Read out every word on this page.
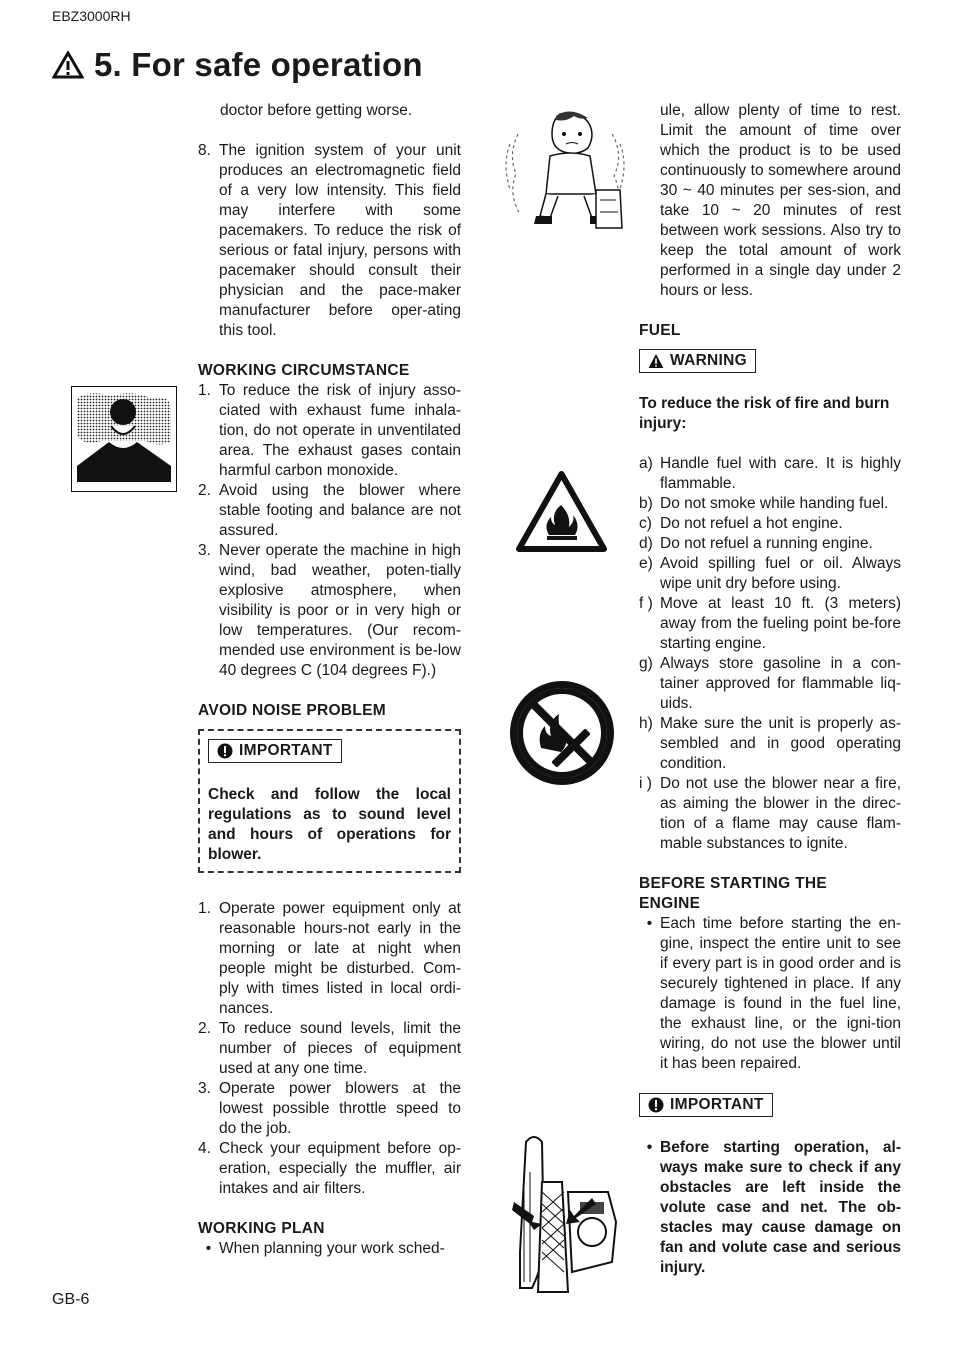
EBZ3000RH
5. For safe operation
doctor before getting worse.
8. The ignition system of your unit produces an electromagnetic field of a very low intensity. This field may interfere with some pacemakers. To reduce the risk of serious or fatal injury, persons with pacemaker should consult their physician and the pace-maker manufacturer before oper-ating this tool.
WORKING CIRCUMSTANCE
1. To reduce the risk of injury asso-ciated with exhaust fume inhala-tion, do not operate in unventilated area. The exhaust gases contain harmful carbon monoxide.
2. Avoid using the blower where stable footing and balance are not assured.
3. Never operate the machine in high wind, bad weather, poten-tially explosive atmosphere, when visibility is poor or in very high or low temperatures. (Our recom-mended use environment is be-low 40 degrees C (104 degrees F).)
AVOID NOISE PROBLEM
IMPORTANT
Check and follow the local regulations as to sound level and hours of operations for blower.
1. Operate power equipment only at reasonable hours-not early in the morning or late at night when people might be disturbed. Com-ply with times listed in local ordi-nances.
2. To reduce sound levels, limit the number of pieces of equipment used at any one time.
3. Operate power blowers at the lowest possible throttle speed to do the job.
4. Check your equipment before op-eration, especially the muffler, air intakes and air filters.
WORKING PLAN
• When planning your work sched-
ule, allow plenty of time to rest. Limit the amount of time over which the product is to be used continuously to somewhere around 30 ~ 40 minutes per ses-sion, and take 10 ~ 20 minutes of rest between work sessions. Also try to keep the total amount of work performed in a single day under 2 hours or less.
FUEL
WARNING
To reduce the risk of fire and burn injury:
a) Handle fuel with care. It is highly flammable.
b) Do not smoke while handing fuel.
c) Do not refuel a hot engine.
d) Do not refuel a running engine.
e) Avoid spilling fuel or oil. Always wipe unit dry before using.
f ) Move at least 10 ft. (3 meters) away from the fueling point be-fore starting engine.
g) Always store gasoline in a con-tainer approved for flammable liq-uids.
h) Make sure the unit is properly as-sembled and in good operating condition.
i ) Do not use the blower near a fire, as aiming the blower in the direc-tion of a flame may cause flam-mable substances to ignite.
BEFORE STARTING THE
ENGINE
• Each time before starting the en-gine, inspect the entire unit to see if every part is in good order and is securely tightened in place. If any damage is found in the fuel line, the exhaust line, or the igni-tion wiring, do not use the blower until it has been repaired.
IMPORTANT
• Before starting operation, al-ways make sure to check if any obstacles are left inside the volute case and net. The ob-stacles may cause damage on fan and volute case and serious injury.
GB-6
